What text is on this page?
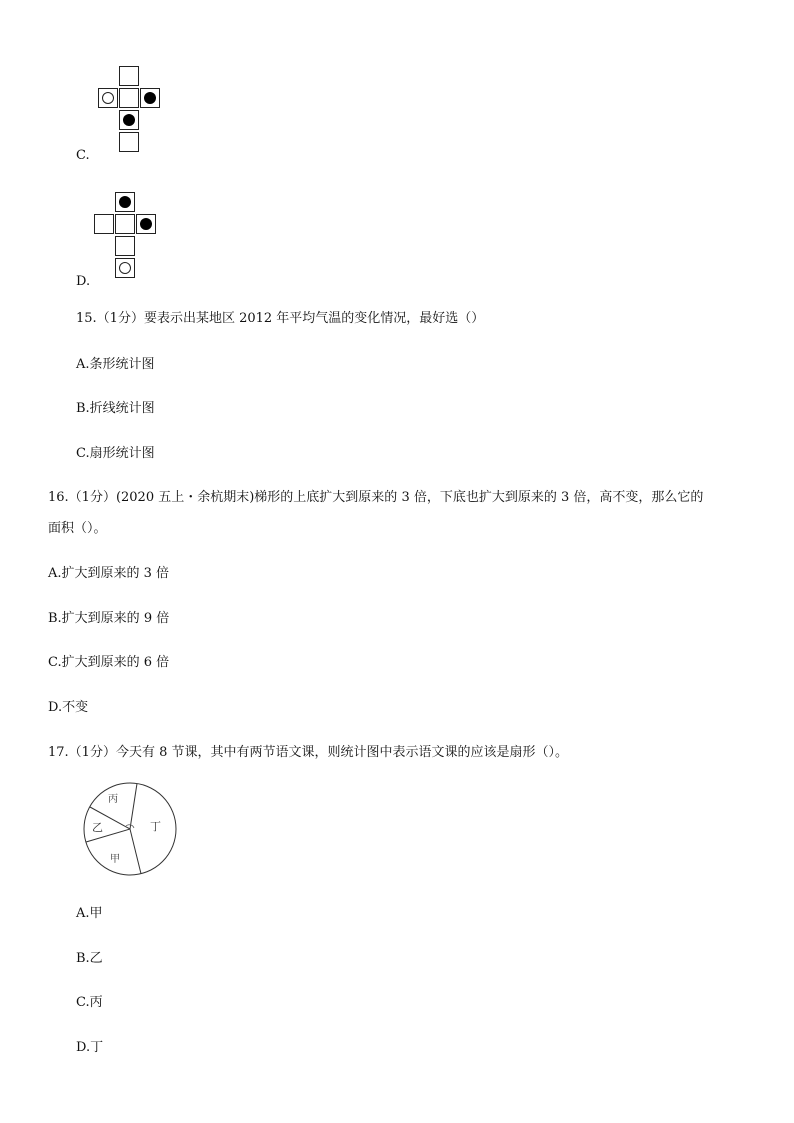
C.
D.
15.（1分）要表示出某地区 2012 年平均气温的变化情况，最好选（）
A.条形统计图
B.折线统计图
C.扇形统计图
16.（1分）(2020 五上・余杭期末)梯形的上底扩大到原来的 3 倍，下底也扩大到原来的 3 倍，高不变，那么它的
面积（）。
A.扩大到原来的 3 倍
B.扩大到原来的 9 倍
C.扩大到原来的 6 倍
D.不变
17.（1分）今天有 8 节课，其中有两节语文课，则统计图中表示语文课的应该是扇形（）。
丙
乙
甲
丁
A.甲
B.乙
C.丙
D.丁
